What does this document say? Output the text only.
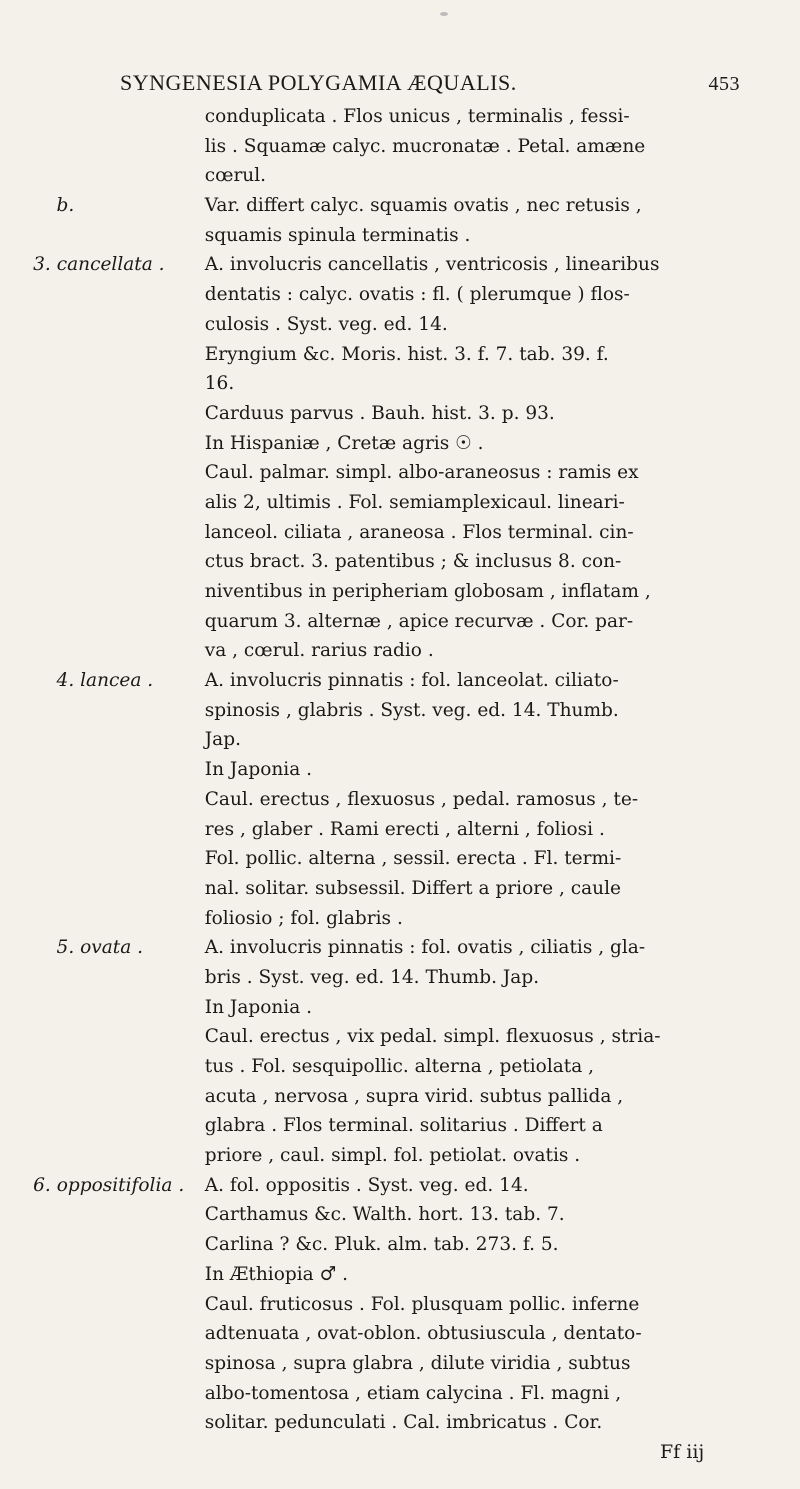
SYNGENESIA POLYGAMIA ÆQUALIS.	453
conduplicata . Flos unicus , terminalis , fessi-
lis . Squamæ calyc. mucronatæ . Petal. amæne
cœrul.
b.	Var. differt calyc. squamis ovatis , nec retusis ,
squamis spinula terminatis .
3. cancellata . A. involucris cancellatis , ventricosis , linearibus
dentatis : calyc. ovatis : fl. ( plerumque ) flos-
culosis . Syst. veg. ed. 14.
Eryngium &c. Moris. hist. 3. f. 7. tab. 39. f.
16.
Carduus parvus . Bauh. hist. 3. p. 93.
In Hispaniæ , Cretæ agris ☉ .
Caul. palmar. simpl. albo-araneosus : ramis ex
alis 2, ultimis . Fol. semiamplexicaul. lineari-
lanceol. ciliata , araneosa . Flos terminal. cin-
ctus bract. 3. patentibus ; & inclusus 8. con-
niventibus in peripheriam globosam , inflatam ,
quarum 3. alternæ , apice recurvæ . Cor. par-
va , cœrul. rarius radio .
4. lancea .	A. involucris pinnatis : fol. lanceolat. ciliato-
spinosis , glabris . Syst. veg. ed. 14. Thumb.
Jap.
In Japonia .
Caul. erectus , flexuosus , pedal. ramosus , te-
res , glaber . Rami erecti , alterni , foliosi .
Fol. pollic. alterna , sessil. erecta . Fl. termi-
nal. solitar. subsessil. Differt a priore , caule
foliosio ; fol. glabris .
5. ovata .	A. involucris pinnatis : fol. ovatis , ciliatis , gla-
bris . Syst. veg. ed. 14. Thumb. Jap.
In Japonia .
Caul. erectus , vix pedal. simpl. flexuosus , stria-
tus . Fol. sesquipollic. alterna , petiolata ,
acuta , nervosa , supra virid. subtus pallida ,
glabra . Flos terminal. solitarius . Differt a
priore , caul. simpl. fol. petiolat. ovatis .
6. oppositifolia . A. fol. oppositis . Syst. veg. ed. 14.
Carthamus &c. Walth. hort. 13. tab. 7.
Carlina ? &c. Pluk. alm. tab. 273. f. 5.
In Æthiopia ♂ .
Caul. fruticosus . Fol. plusquam pollic. inferne
adtenuata , ovat-oblon. obtusiuscula , dentato-
spinosa , supra glabra , dilute viridia , subtus
albo-tomentosa , etiam calycina . Fl. magni ,
solitar. pedunculati . Cal. imbricatus . Cor.
Ff iij
